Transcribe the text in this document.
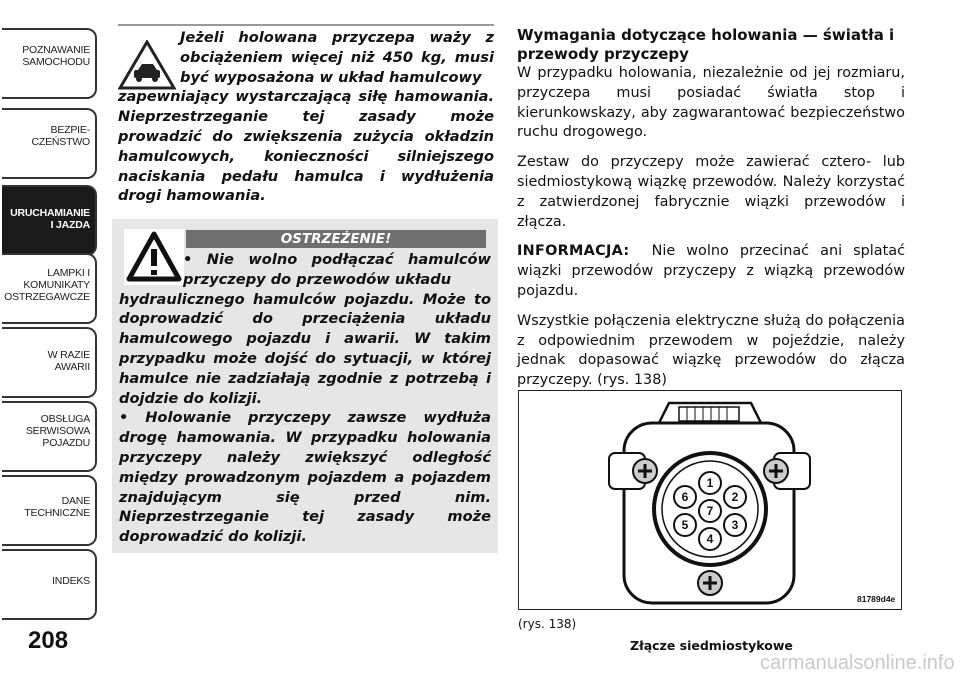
POZNAWANIE
SAMOCHODU
BEZPIE-
CZEŃSTWO
URUCHAMIANIE
I JAZDA
LAMPKI I
KOMUNIKATY
OSTRZEGAWCZE
W RAZIE
AWARII
OBSŁUGA
SERWISOWA
POJAZDU
DANE
TECHNICZNE
INDEKS
208
Jeżeli holowana przyczepa waży z obciążeniem więcej niż 450 kg, musi być wyposażona w układ hamulcowy
zapewniający wystarczającą siłę hamowania. Nieprzestrzeganie tej zasady może prowadzić do zwiększenia zużycia okładzin hamulcowych, konieczności silniejszego naciskania pedału hamulca i wydłużenia drogi hamowania.
OSTRZEŻENIE!

• Nie wolno podłączać hamulców przyczepy do przewodów układu

hydraulicznego hamulców pojazdu. Może to doprowadzić do przeciążenia układu hamulcowego pojazdu i awarii. W takim przypadku może dojść do sytuacji, w której hamulce nie zadziałają zgodnie z potrzebą i dojdzie do kolizji.

• Holowanie przyczepy zawsze wydłuża drogę hamowania. W przypadku holowania przyczepy należy zwiększyć odległość między prowadzonym pojazdem a pojazdem znajdującym się przed nim. Nieprzestrzeganie tej zasady może doprowadzić do kolizji.

Wymagania dotyczące holowania — światła i przewody przyczepy

W przypadku holowania, niezależnie od jej rozmiaru, przyczepa musi posiadać światła stop i kierunkowskazy, aby zagwarantować bezpieczeństwo ruchu drogowego.

Zestaw do przyczepy może zawierać cztero- lub siedmiostykową wiązkę przewodów. Należy korzystać z zatwierdzonej fabrycznie wiązki przewodów i złącza.

INFORMACJA: Nie wolno przecinać ani splatać wiązki przewodów przyczepy z wiązką przewodów pojazdu.

Wszystkie połączenia elektryczne służą do połączenia z odpowiednim przewodem w pojeździe, należy jednak dopasować wiązkę przewodów do złącza przyczepy. (rys. 138)

1
2
3
4
5
6
7
81789d4e
(rys. 138)
Złącze siedmiostykowe
carmanualsonline.info
